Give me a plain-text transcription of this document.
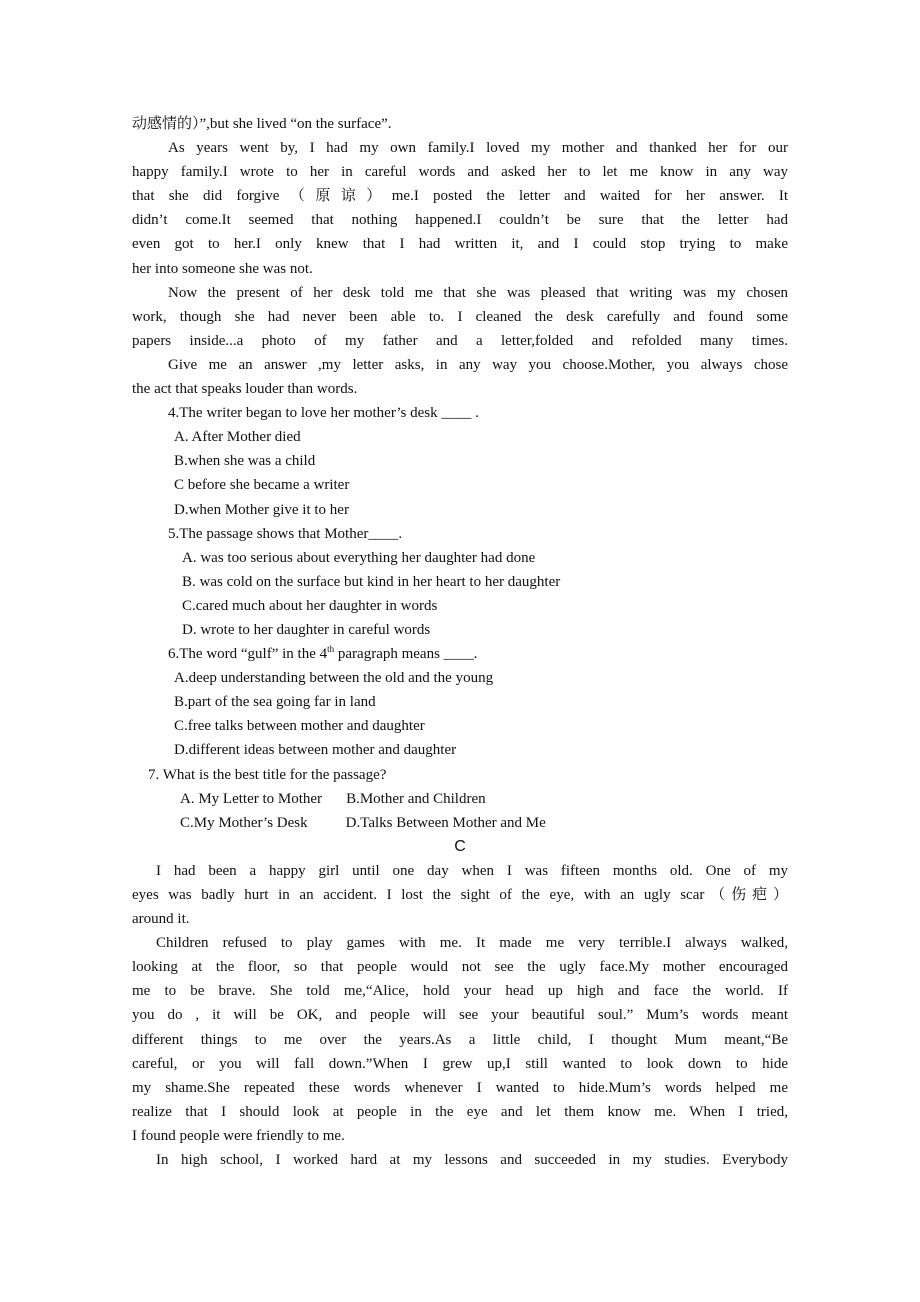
动感情的）”,but she lived “on the surface”.
As years went by, I had my own family.I loved my mother and thanked her for our
happy family.I wrote to her in careful words and asked her to let me know in any way
that she did forgive（原谅）me.I posted the letter and waited for her answer. It
didn’t come.It seemed that nothing happened.I couldn’t be sure that the letter had
even got to her.I only knew that I had written it, and I could stop trying to make
her into someone she was not.
Now the present of her desk told me that she was pleased that writing was my chosen
work, though she had never been able to. I cleaned the desk carefully and found some
papers inside...a photo of my father and a letter,folded and refolded many times.
Give me an answer ,my letter asks, in any way you choose.Mother, you always chose
the act that speaks louder than words.
4.The writer began to love her mother’s desk ____ .
A. After Mother died
B.when she was a child
C before she became a writer
D.when Mother give it to her
5.The passage shows that Mother____.
A. was too serious about everything her daughter had done
B. was cold on the surface but kind in her heart to her daughter
C.cared much about her daughter in words
D. wrote to her daughter in careful words
6.The word “gulf” in the 4th paragraph means ____.
A.deep understanding between the old and the young
B.part of the sea going far in land
C.free talks between mother and daughter
D.different ideas between mother and daughter
7. What is the best title for the passage?
A. My Letter to Mother B.Mother and Children
C.My Mother’s Desk	D.Talks Between Mother and Me
C
I had been a happy girl until one day when I was fifteen months old. One of my
eyes was badly hurt in an accident. I lost the sight of the eye, with an ugly scar（伤疤）
around it.
Children refused to play games with me. It made me very terrible.I always walked,
looking at the floor, so that people would not see the ugly face.My mother encouraged
me to be brave. She told me,“Alice, hold your head up high and face the world. If
you do , it will be OK, and people will see your beautiful soul.” Mum’s words meant
different things to me over the years.As a little child, I thought Mum meant,“Be
careful, or you will fall down.”When I grew up,I still wanted to look down to hide
my shame.She repeated these words whenever I wanted to hide.Mum’s words helped me
realize that I should look at people in the eye and let them know me. When I tried,
I found people were friendly to me.
In high school, I worked hard at my lessons and succeeded in my studies. Everybody
